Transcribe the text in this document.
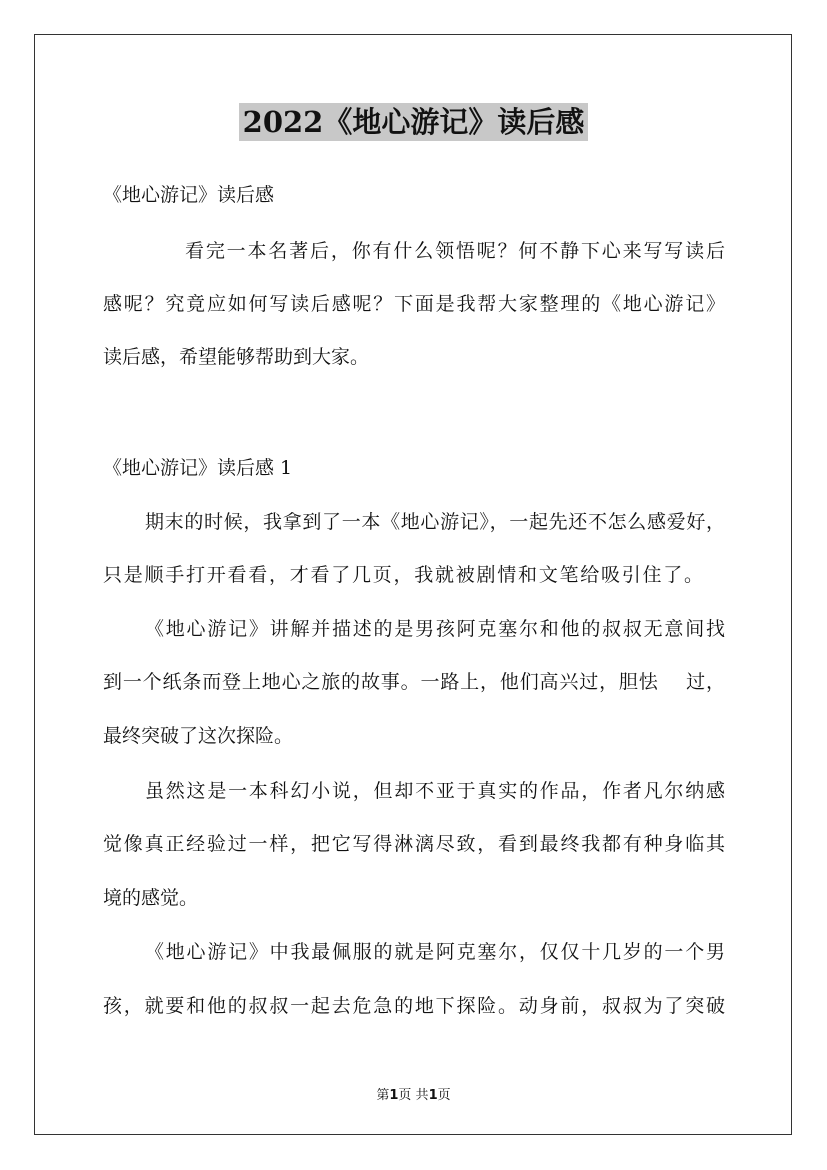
2022《地心游记》读后感
《地心游记》读后感
看完一本名著后，你有什么领悟呢？何不静下心来写写读后
感呢？究竟应如何写读后感呢？下面是我帮大家整理的《地心游记》
读后感，希望能够帮助到大家。
《地心游记》读后感 1
期末的时候，我拿到了一本《地心游记》，一起先还不怎么感爱好，
只是顺手打开看看，才看了几页，我就被剧情和文笔给吸引住了。
《地心游记》讲解并描述的是男孩阿克塞尔和他的叔叔无意间找
到一个纸条而登上地心之旅的故事。一路上，他们高兴过，胆怯    过，
最终突破了这次探险。
虽然这是一本科幻小说，但却不亚于真实的作品，作者凡尔纳感
觉像真正经验过一样，把它写得淋漓尽致，看到最终我都有种身临其
境的感觉。
《地心游记》中我最佩服的就是阿克塞尔，仅仅十几岁的一个男
孩，就要和他的叔叔一起去危急的地下探险。动身前，叔叔为了突破
第1页 共1页
